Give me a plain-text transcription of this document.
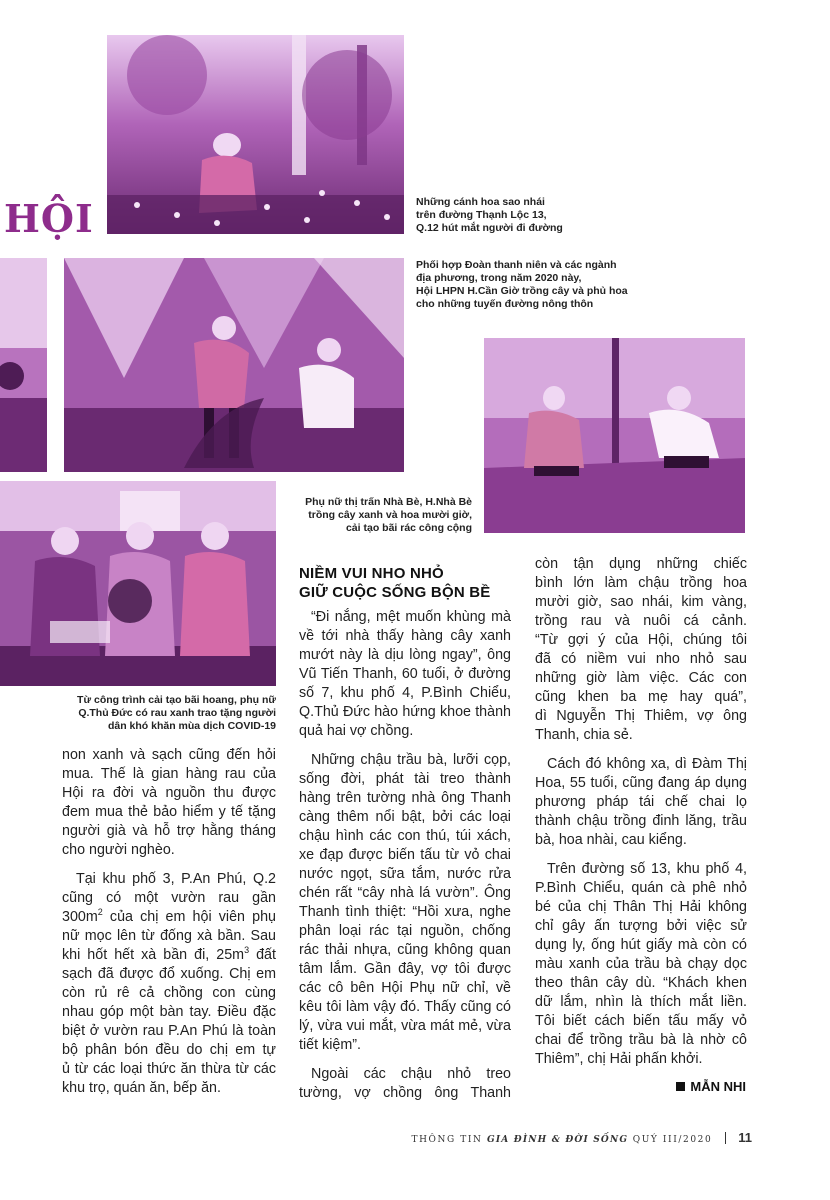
HỘI	Những cánh hoa sao nhái
trên đường Thạnh Lộc 13,
Q.12 hút mắt người đi đường
Phối hợp Đoàn thanh niên và các ngành
địa phương, trong năm 2020 này,
Hội LHPN H.Cần Giờ trồng cây và phủ hoa
cho những tuyến đường nông thôn
Phụ nữ thị trấn Nhà Bè, H.Nhà Bè
trồng cây xanh và hoa mười giờ,
cải tạo bãi rác công cộng
Từ công trình cải tạo bãi hoang, phụ nữ
Q.Thủ Đức có rau xanh trao tặng người
dân khó khăn mùa dịch COVID-19

non xanh và sạch cũng đến hỏi
mua. Thế là gian hàng rau của
Hội ra đời và nguồn thu được
đem mua thẻ bảo hiểm y tế tặng
người già và hỗ trợ hằng tháng
cho người nghèo.

Tại khu phố 3, P.An Phú, Q.2
cũng có một vườn rau gần
$300m^2$ của chị em hội viên phụ
nữ mọc lên từ đống xà bần. Sau
khi hốt hết xà bần đi, $25m^3$ đất
sạch đã được đổ xuống. Chị em
còn rủ rê cả chồng con cùng
nhau góp một bàn tay. Điều đặc
biệt ở vườn rau P.An Phú là toàn
bộ phân bón đều do chị em tự
ủ từ các loại thức ăn thừa từ các
khu trọ, quán ăn, bếp ăn.

NIỀM VUI NHO NHỎ
GIỮ CUỘC SỐNG BỘN BỀ

“Đi nắng, mệt muốn khùng mà
về tới nhà thấy hàng cây xanh
mướt này là dịu lòng ngay”, ông
Vũ Tiến Thanh, 60 tuổi, ở đường
số 7, khu phố 4, P.Bình Chiểu,
Q.Thủ Đức hào hứng khoe thành
quả hai vợ chồng.

Những chậu trầu bà, lưỡi cọp,
sống đời, phát tài treo thành
hàng trên tường nhà ông Thanh
càng thêm nổi bật, bởi các loại
chậu hình các con thú, túi xách,
xe đạp được biến tấu từ vỏ chai
nước ngọt, sữa tắm, nước rửa
chén rất “cây nhà lá vườn”. Ông
Thanh tình thiệt: “Hồi xưa, nghe
phân loại rác tại nguồn, chống
rác thải nhựa, cũng không quan
tâm lắm. Gần đây, vợ tôi được
các cô bên Hội Phụ nữ chỉ, về
kêu tôi làm vậy đó. Thấy cũng có
lý, vừa vui mắt, vừa mát mẻ, vừa
tiết kiệm”.

Ngoài các chậu nhỏ treo
tường, vợ chồng ông Thanh

còn tận dụng những chiếc
bình lớn làm chậu trồng hoa
mười giờ, sao nhái, kim vàng,
trồng rau và nuôi cá cảnh.
“Từ gợi ý của Hội, chúng tôi
đã có niềm vui nho nhỏ sau
những giờ làm việc. Các con
cũng khen ba mẹ hay quá”,
dì Nguyễn Thị Thiêm, vợ ông
Thanh, chia sẻ.

Cách đó không xa, dì Đàm Thị
Hoa, 55 tuổi, cũng đang áp dụng
phương pháp tái chế chai lọ
thành chậu trồng đinh lăng, trầu
bà, hoa nhài, cau kiểng.

Trên đường số 13, khu phố 4,
P.Bình Chiểu, quán cà phê nhỏ
bé của chị Thân Thị Hải không
chỉ gây ấn tượng bởi việc sử
dụng ly, ống hút giấy mà còn có
màu xanh của trầu bà chạy dọc
theo thân cây dù. “Khách khen
dữ lắm, nhìn là thích mắt liền.
Tôi biết cách biến tấu mấy vỏ
chai để trồng trầu bà là nhờ cô
Thiêm”, chị Hải phấn khởi.

MẪN NHI
THÔNG TIN GIA ĐÌNH & ĐỜI SỐNG QUÝ III/2020 11
